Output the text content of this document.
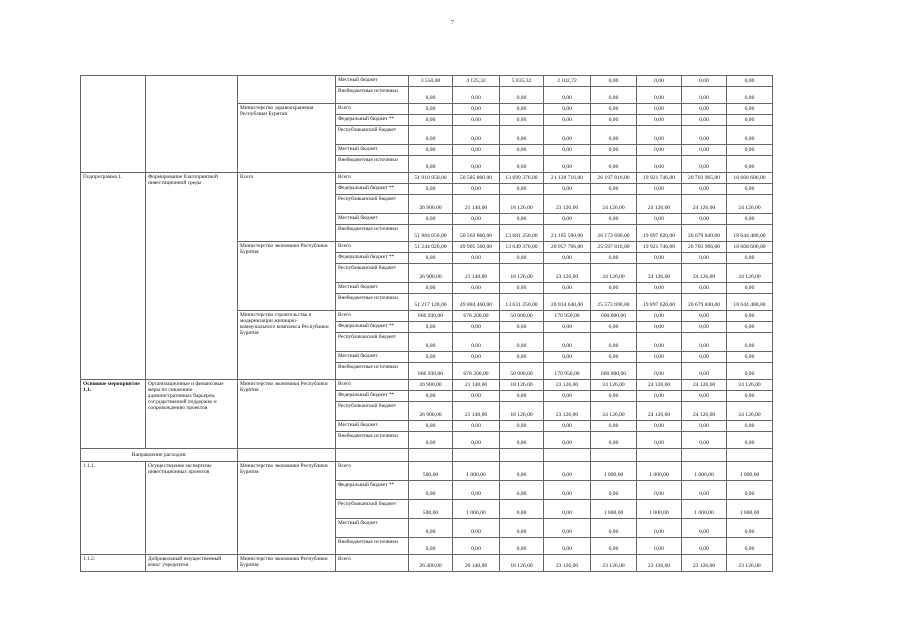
7
			Местный бюджет	3 550,00	4 125,32	5 835,32	2 102,72	0,00	0,00	0,00	0,00
			Внебюджетные источники	0,00	0,00	0,00	0,00	0,00	0,00	0,00	0,00
		Министерство здравоохранения Республики Бурятия	Всего	0,00	0,00	0,00	0,00	0,00	0,00	0,00	0,00
			Федеральный бюджет **	0,00	0,00	0,00	0,00	0,00	0,00	0,00	0,00
			Республиканский бюджет	0,00	0,00	0,00	0,00	0,00	0,00	0,00	0,00
			Местный бюджет	0,00	0,00	0,00	0,00	0,00	0,00	0,00	0,00
			Внебюджетные источники	0,00	0,00	0,00	0,00	0,00	0,00	0,00	0,00
Подпрограмма 1.	Формирование благоприятной инвестиционной среды	Всего	Всего	51 910 950,00	50 585 800,00	13 699 376,00	21 128 716,00	26 197 816,00	19 921 746,00	20 703 965,00	18 668 606,00
			Федеральный бюджет **	0,00	0,00	0,00	0,00	0,00	0,00	0,00	0,00
			Республиканский бюджет	26 900,00	21 140,00	18 126,00	23 126,00	24 126,00	24 126,00	24 126,00	24 126,00
			Местный бюджет	0,00	0,00	0,00	0,00	0,00	0,00	0,00	0,00
			Внебюджетные источники	51 884 050,00	50 562 860,00	13 681 250,00	21 105 590,00	26 173 690,00	19 897 620,00	20 679 840,00	18 644 480,00
		Министерство экономики Республики Бурятия	Всего	51 244 020,00	49 905 560,00	13 649 376,00	20 957 766,00	25 597 816,00	19 921 746,00	20 703 966,00	18 668 606,00
			Федеральный бюджет **	0,00	0,00	0,00	0,00	0,00	0,00	0,00	0,00
			Республиканский бюджет	26 900,00	21 140,00	18 126,00	23 126,00	24 126,00	24 126,00	24 126,00	24 126,00
			Местный бюджет	0,00	0,00	0,00	0,00	0,00	0,00	0,00	0,00
			Внебюджетные источники	51 217 120,00	49 884 460,00	13 631 250,00	20 934 640,00	25 573 690,00	19 897 620,00	20 679 840,00	18 644 480,00
		Министерство строительства и модернизации жилищно-коммунального комплекса Республики Бурятия	Всего	666 930,00	678 200,00	50 000,00	170 950,00	600 000,00	0,00	0,00	0,00
			Федеральный бюджет **	0,00	0,00	0,00	0,00	0,00	0,00	0,00	0,00
			Республиканский бюджет	0,00	0,00	0,00	0,00	0,00	0,00	0,00	0,00
			Местный бюджет	0,00	0,00	0,00	0,00	0,00	0,00	0,00	0,00
			Внебюджетные источники	666 930,00	678 200,00	50 000,00	170 950,00	600 000,00	0,00	0,00	0,00
Основное мероприятие 1.1.	Организационные и финансовые меры по снижению административных барьеров, государственной поддержке и сопровождению проектов	Министерство экономики Республики Бурятия	Всего	26 900,00	21 140,00	18 126,00	23 126,00	24 126,00	24 126,00	24 126,00	24 126,00
			Федеральный бюджет **	0,00	0,00	0,00	0,00	0,00	0,00	0,00	0,00
			Республиканский бюджет	26 900,00	21 140,00	18 126,00	23 126,00	24 126,00	24 126,00	24 126,00	24 126,00
			Местный бюджет	0,00	0,00	0,00	0,00	0,00	0,00	0,00	0,00
			Внебюджетные источники	0,00	0,00	0,00	0,00	0,00	0,00	0,00	0,00
Направление расходов:											
1.1.1.	Осуществление экспертизы инвестиционных проектов	Министерство экономики Республики Бурятия	Всего	500,00	1 000,00	0,00	0,00	1 000,00	1 000,00	1 000,00	1 000,00
			Федеральный бюджет **	0,00	0,00	0,00	0,00	0,00	0,00	0,00	0,00
			Республиканский бюджет	500,00	1 000,00	0,00	0,00	1 000,00	1 000,00	1 000,00	1 000,00
			Местный бюджет	0,00	0,00	0,00	0,00	0,00	0,00	0,00	0,00
			Внебюджетные источники	0,00	0,00	0,00	0,00	0,00	0,00	0,00	0,00
1.1.2.	Добровольный имущественный взнос учредителя	Министерство экономики Республики Бурятия	Всего	26 400,00	20 140,00	18 126,00	23 126,00	23 126,00	23 126,00	23 126,00	23 126,00
